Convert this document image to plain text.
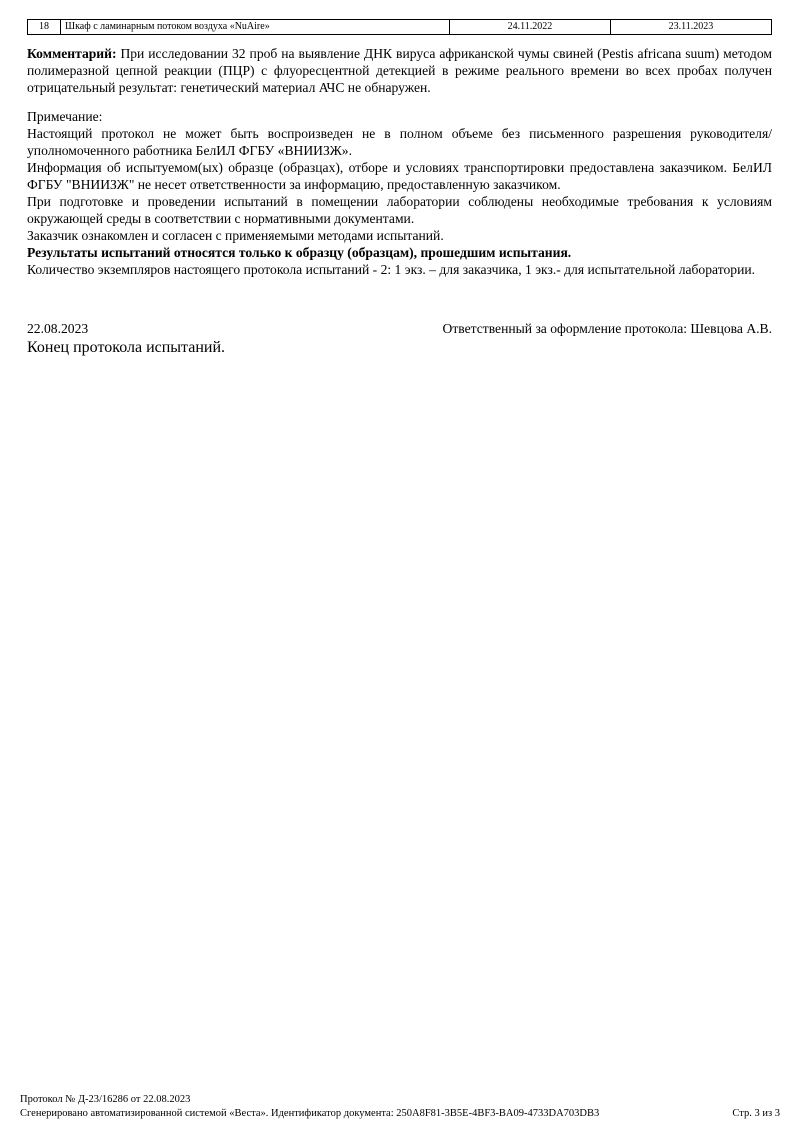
18	Шкаф с ламинарным потоком воздуха «NuAire»	24.11.2022	23.11.2023

Комментарий: При исследовании 32 проб на выявление ДНК вируса африканской чумы свиней (Pestis africana suum) методом полимеразной цепной реакции (ПЦР) с флуоресцентной детекцией в режиме реального времени во всех пробах получен отрицательный результат: генетический материал АЧС не обнаружен.

Примечание:

Настоящий протокол не может быть воспроизведен не в полном объеме без письменного разрешения руководителя/уполномоченного работника БелИЛ ФГБУ «ВНИИЗЖ».

Информация об испытуемом(ых) образце (образцах), отборе и условиях транспортировки предоставлена заказчиком. БелИЛ ФГБУ "ВНИИЗЖ" не несет ответственности за информацию, предоставленную заказчиком.

При подготовке и проведении испытаний в помещении лаборатории соблюдены необходимые требования к условиям окружающей среды в соответствии с нормативными документами.

Заказчик ознакомлен и согласен с применяемыми методами испытаний.

Результаты испытаний относятся только к образцу (образцам), прошедшим испытания.

Количество экземпляров настоящего протокола испытаний - 2: 1 экз. – для заказчика, 1 экз.- для испытательной лаборатории.

22.08.2023	Ответственный за оформление протокола: Шевцова А.В.
Конец протокола испытаний.
Протокол № Д-23/16286 от 22.08.2023
Сгенерировано автоматизированной системой «Веста». Идентификатор документа: 250A8F81-3B5E-4BF3-BA09-4733DA703DB3	Стр. 3 из 3
